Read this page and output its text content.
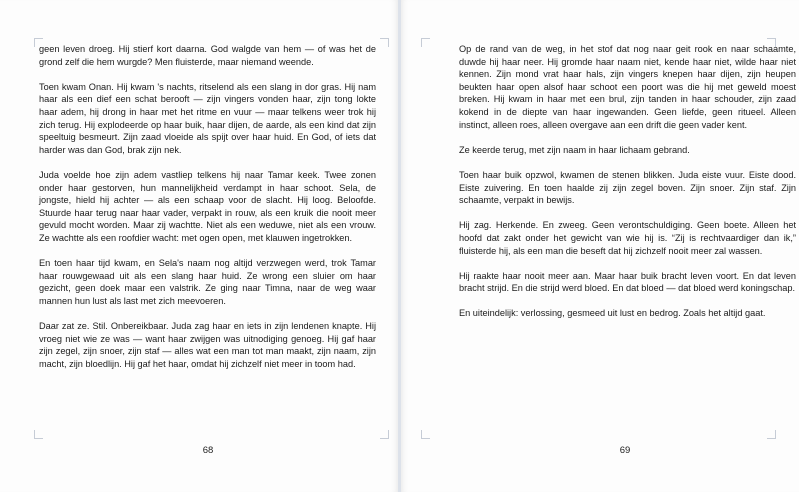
geen leven droeg. Hij stierf kort daarna. God walgde van hem — of was het de grond zelf die hem wurgde? Men fluisterde, maar niemand weende.

Toen kwam Onan. Hij kwam 's nachts, ritselend als een slang in dor gras. Hij nam haar als een dief een schat berooft — zijn vingers vonden haar, zijn tong lokte haar adem, hij drong in haar met het ritme en vuur — maar telkens weer trok hij zich terug. Hij explodeerde op haar buik, haar dijen, de aarde, als een kind dat zijn speeltuig besmeurt. Zijn zaad vloeide als spijt over haar huid. En God, of iets dat harder was dan God, brak zijn nek.

Juda voelde hoe zijn adem vastliep telkens hij naar Tamar keek. Twee zonen onder haar gestorven, hun mannelijkheid verdampt in haar schoot. Sela, de jongste, hield hij achter — als een schaap voor de slacht. Hij loog. Beloofde. Stuurde haar terug naar haar vader, verpakt in rouw, als een kruik die nooit meer gevuld mocht worden. Maar zij wachtte. Niet als een weduwe, niet als een vrouw. Ze wachtte als een roofdier wacht: met ogen open, met klauwen ingetrokken.

En toen haar tijd kwam, en Sela's naam nog altijd verzwegen werd, trok Tamar haar rouwgewaad uit als een slang haar huid. Ze wrong een sluier om haar gezicht, geen doek maar een valstrik. Ze ging naar Timna, naar de weg waar mannen hun lust als last met zich meevoeren.

Daar zat ze. Stil. Onbereikbaar. Juda zag haar en iets in zijn lendenen knapte. Hij vroeg niet wie ze was — want haar zwijgen was uitnodiging genoeg. Hij gaf haar zijn zegel, zijn snoer, zijn staf — alles wat een man tot man maakt, zijn naam, zijn macht, zijn bloedlijn. Hij gaf het haar, omdat hij zichzelf niet meer in toom had.

68

Op de rand van de weg, in het stof dat nog naar geit rook en naar schaamte, duwde hij haar neer. Hij gromde haar naam niet, kende haar niet, wilde haar niet kennen. Zijn mond vrat haar hals, zijn vingers knepen haar dijen, zijn heupen beukten haar open alsof haar schoot een poort was die hij met geweld moest breken. Hij kwam in haar met een brul, zijn tanden in haar schouder, zijn zaad kokend in de diepte van haar ingewanden. Geen liefde, geen ritueel. Alleen instinct, alleen roes, alleen overgave aan een drift die geen vader kent.

Ze keerde terug, met zijn naam in haar lichaam gebrand.

Toen haar buik opzwol, kwamen de stenen blikken. Juda eiste vuur. Eiste dood. Eiste zuivering. En toen haalde zij zijn zegel boven. Zijn snoer. Zijn staf. Zijn schaamte, verpakt in bewijs.

Hij zag. Herkende. En zweeg. Geen verontschuldiging. Geen boete. Alleen het hoofd dat zakt onder het gewicht van wie hij is. “Zij is rechtvaardiger dan ik,” fluisterde hij, als een man die beseft dat hij zichzelf nooit meer zal wassen.

Hij raakte haar nooit meer aan. Maar haar buik bracht leven voort. En dat leven bracht strijd. En die strijd werd bloed. En dat bloed — dat bloed werd koningschap.

En uiteindelijk: verlossing, gesmeed uit lust en bedrog. Zoals het altijd gaat.

69
